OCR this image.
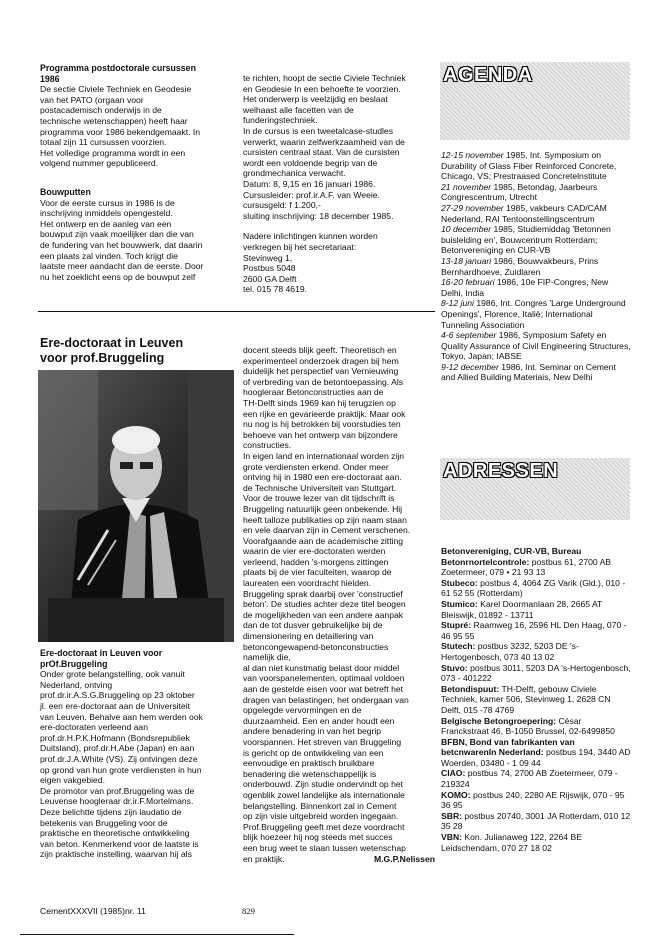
Programma postdoctorale cursussen
1986

De sectie Civiele Techniek en Geodesie
van het PATO (orgaan voor
postacademisch onderwijs in de
technische wetenschappen) heeft haar
programma voor 1986 bekendgemaakt. In
totaal zijn 11 cursussen voorzien.
Het volledige programma wordt in een
volgend nummer gepubliceerd.

Bouwputten

Voor de eerste cursus in 1986 is de
inschrijving inmiddels opengesteld.
Het ontwerp en de aanleg van een
bouwput zijn vaak moeilijker dan die van
de fundering van het bouwwerk, dat daarin
een plaats zal vinden. Toch krijgt die
laatste meer aandacht dan de eerste. Door
nu het zoeklicht eens op de bouwput zelf

te richten, hoopt de sectie Civiele Techniek
en Geodesie In een behoefte te voorzien.
Het onderwerp is veelzijdig en beslaat
welhaast alle facetten van de
funderingstechniek.
In de cursus is een tweetalcase-studles
verwerkt, waarin zelfwerkzaamheid van de
cursisten centraal staat. Van de cursisten
wordt een voldoende begrip van de
grondmechanica verwacht.
Datum: 8, 9,15 en 16 januari 1986.
Cursusleider: prof.ir.A.F. van Weeie.
cursusgeld: f 1.200,-
sluiting inschrijving: 18 december 1985.

Nadere inlichtingen kunnen worden
verkregen bij het secretariaat:
Stevinweg 1,
Postbus 5048
2600 GA Delft
tel. 015 78 4619.

AGENDA

12-15 november 1985, Int. Symposium on Durability of Glass Fiber Reinforced Concrete, Chicago, VS; Prestraased Concretelnstitute

21 november 1985, Betondag, Jaarbeurs Congrescentrum, Utrecht

27-29 november 1985, vakbeurs CAD/CAM Nederland, RAI Tentoonstellingscentrum

10 december 1985, Studiemiddag 'Betonnen buislelding en', Bouwcentrum Rotterdam; Betonvereniging en CUR-VB

13-18 januari 1986, Bouwvakbeurs, Prins Bernhardhoeve, Zuidlaren

16-20 februari 1986, 10e FIP-Congres, New Delhi, India

8-12 juni 1986, Int. Congres 'Large Underground Openings', Florence, Italië; International Tunneling Association

4-6 september 1986, Symposium Safety en Quality Assurance of Civil Engineering Structures, Tokyo, Japan; IABSE

9-12 december 1986, Int. Seminar on Cement and Allied Building Materiais, New Delhi

Ere-doctoraat in Leuven
voor prof.Bruggeling

Ere-doctoraat in Leuven voor
prOf.Bruggeling

Onder grote belangstelling, ook vanuit
Nederland, ontving
prof.dr.ir.A.S.G.Bruggeling op 23 oktober
jl. een ere-doctoraat aan de Universiteit
van Leuven. Behalve aan hem werden ook
ere-doctoraten verleend aan
prof.dr.H.P.K.Hofmann (Bondsrepubliek
Duitsland), prof.dr.H.Abe (Japan) en aan
prof.dr.J.A.White (VS). Zij ontvingen deze
op grond van hun grote verdiensten in hun
eigen vakgebied.
De promotor van prof.Bruggeling was de
Leuvense hoogleraar dr.ir.F.Mortelmans.
Deze belichtte tijdens zijn laudatio de
betekenis van Bruggeling voor de
praktische en theoretische ontwikkeling
van beton. Kenmerkend voor de laatste is
zijn praktische instelling, waarvan hij als

docent steeds blijk geeft. Theoretisch en
experimenteel onderzoek dragen bij hem
duidelijk het perspectief van Vernieuwing
of verbreding van de betontoepassing. Als
hoogleraar Betonconstructies aan de
TH-Delft sinds 1969 kan hij terugzien op
een rijke en gevarieerde praktijk. Maar ook
nu nog is hij betrokken bij voorstudies ten
behoeve van het ontwerp van bijzondere
constructies.
In eigen land en internationaal worden zijn
grote verdiensten erkend. Onder meer
ontving hij in 1980 een ere-doctoraat aan.
de Technische Universiteit van Stuttgart.
Voor de trouwe lezer van dit tijdschrift is
Bruggeling natuurlijk geen onbekende. Hij
heeft talloze publikaties op zijn naam staan
en vele daarvan zijn in Cement verschenen.
Voorafgaande aan de academische zitting
waarin de vier ere-doctoraten werden
verleend, hadden 's-morgens zittingen
plaats bij de vier faculteiten, waarop de
laureaten een voordracht hielden.
Bruggeling sprak daarbij over 'constructief
beton'. De studies achter deze titel beogen
de mogelijkheden van een andere aanpak
dan de tot dusver gebruikelijke bij de
dimensionering en detaillering van
betoncongewapend-betonconstructies
namelijk die,
al dan niet kunstmatig belast door middel
van voorspanelementen, optimaal voldoen
aan de gestelde eisen voor wat betreft het
dragen van belastingen, het ondergaan van
opgelegde vervormingen en de
duurzaamheid. Een en ander houdt een
andere benadering in van het begrip
voorspannen. Het streven van Bruggeling
is gericht op de ontwikkeling van een
eenvoudige en praktisch bruikbare
benadering die wetenschappelijk is
onderbouwd. Zijn studie ondervindt op het
ogenblik zowel landelijke als internationale
belangstelling. Binnenkort zal in Cement
op zijn visie uitgebreid worden ingegaan.
Prof.Bruggeling geeft met deze voordracht
blijk hoezeer hij nog steeds met succes
een brug weet te slaan tussen wetenschap
en praktijk.	M.G.P.Nelissen

ADRESSEN

Betonvereniging, CUR-VB, Bureau

Betonrnortelcontrole: postbus 61, 2700 AB Zoetermeer, 079 • 21 93 13

Stubeco: postbus 4, 4064 ZG Varik (Gld.), 010 - 61 52 55 (Rotterdam)

Stumico: Karel Doormanlaan 28, 2665 AT Bleiswijk, 01892 - 13711

Stupré: Raamweg 16, 2596 HL Den Haag, 070 - 46 95 55

Stutech: postbus 3232, 5203 DE 's-Hertogenbosch, 073 40 13 02

Stuvo: postbus 3011, 5203 DA 's-Hertogenbosch, 073 - 401222

Betondispuut: TH-Delft, gebouw Civiele Techniek, kamer 506, Stevinweg 1, 2628 CN Delft, 015 -78 4769

Belgische Betongroepering: César Franckstraat 46, B-1050 Brussel, 02-6499850

BFBN, Bond van fabrikanten van betcnwarenIn Nederland: postbus 194, 3440 AD Woerden, 03480 - 1 09 44

CIAO: postbus 74, 2700 AB Zoetermeer, 079 - 219324

KOMO: postbus 240, 2280 AE Rijswijk, 070 - 95 36 95

SBR: postbus 20740, 3001 JA Rotterdam, 010 12 35 28

VBN: Kon. Julianaweg 122, 2264 BE Leidschendam, 070 27 18 02

CementXXXVII (1985)nr. 11	829
